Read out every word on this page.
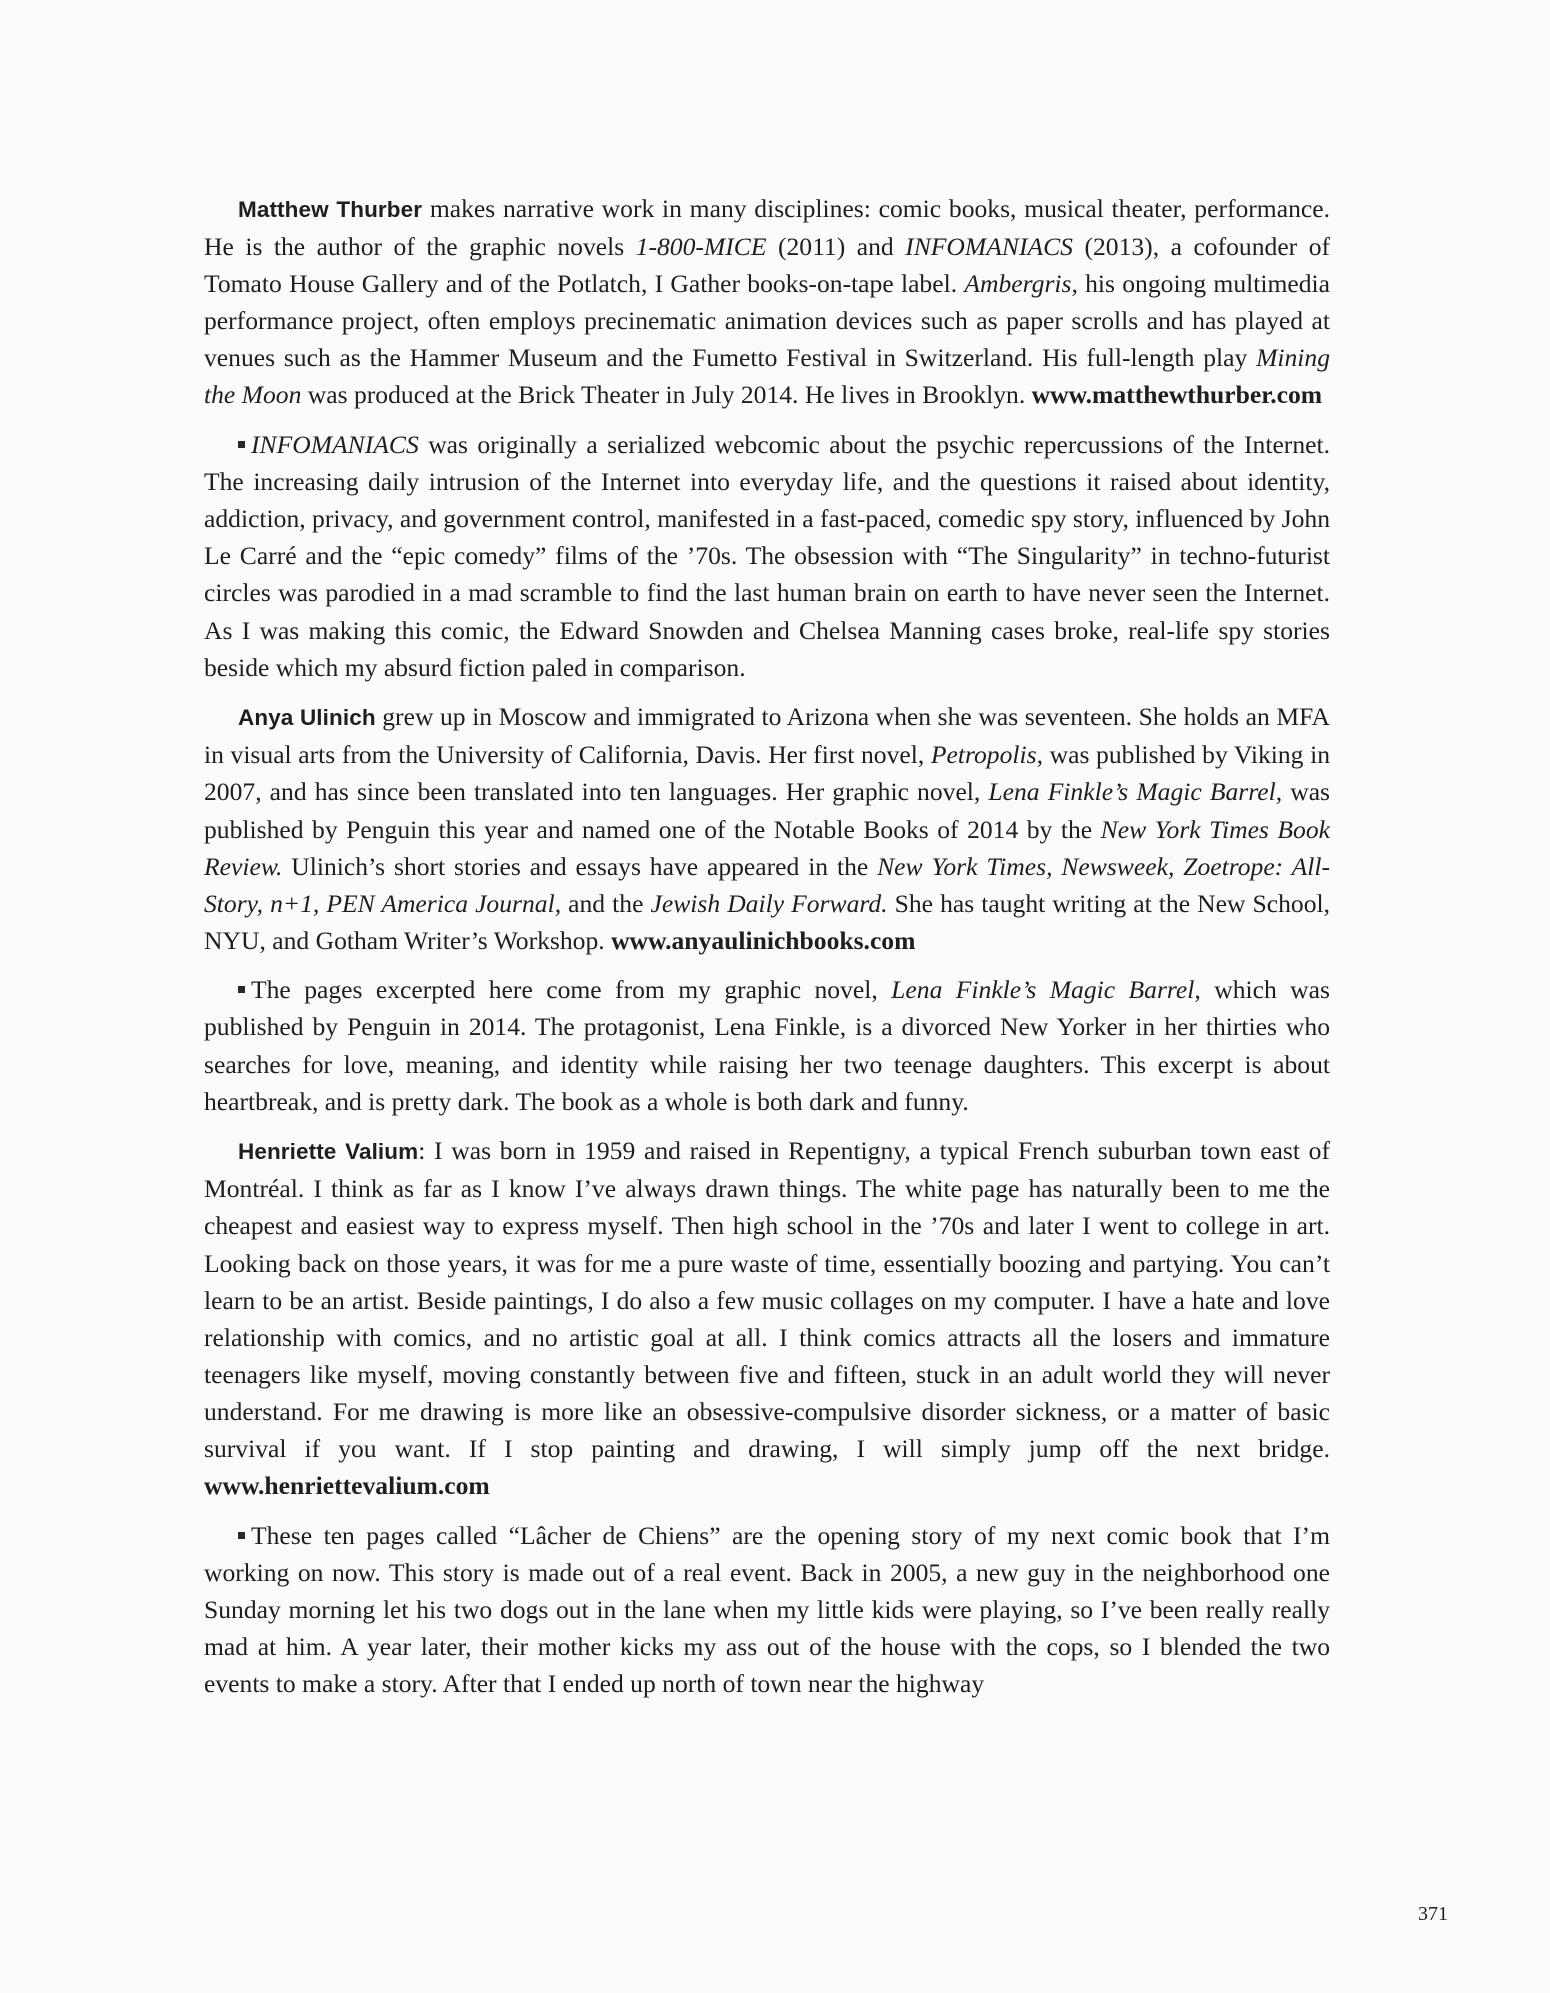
Matthew Thurber makes narrative work in many disciplines: comic books, musical theater, performance. He is the author of the graphic novels 1-800-MICE (2011) and INFOMANIACS (2013), a cofounder of Tomato House Gallery and of the Potlatch, I Gather books-on-tape label. Ambergris, his ongoing multimedia performance project, often employs precinematic animation devices such as paper scrolls and has played at venues such as the Hammer Museum and the Fumetto Festival in Switzerland. His full-length play Mining the Moon was produced at the Brick Theater in July 2014. He lives in Brooklyn. www.matthewthurber.com

INFOMANIACS was originally a serialized webcomic about the psychic repercussions of the Internet. The increasing daily intrusion of the Internet into everyday life, and the questions it raised about identity, addiction, privacy, and government control, manifested in a fast-paced, comedic spy story, influenced by John Le Carré and the “epic comedy” films of the ’70s. The obsession with “The Singularity” in techno-futurist circles was parodied in a mad scramble to find the last human brain on earth to have never seen the Internet. As I was making this comic, the Edward Snowden and Chelsea Manning cases broke, real-life spy stories beside which my absurd fiction paled in comparison.

Anya Ulinich grew up in Moscow and immigrated to Arizona when she was seventeen. She holds an MFA in visual arts from the University of California, Davis. Her first novel, Petropolis, was published by Viking in 2007, and has since been translated into ten languages. Her graphic novel, Lena Finkle’s Magic Barrel, was published by Penguin this year and named one of the Notable Books of 2014 by the New York Times Book Review. Ulinich’s short stories and essays have appeared in the New York Times, Newsweek, Zoetrope: All-Story, n+1, PEN America Journal, and the Jewish Daily Forward. She has taught writing at the New School, NYU, and Gotham Writer’s Workshop. www.anyaulinichbooks.com

The pages excerpted here come from my graphic novel, Lena Finkle’s Magic Barrel, which was published by Penguin in 2014. The protagonist, Lena Finkle, is a divorced New Yorker in her thirties who searches for love, meaning, and identity while raising her two teenage daughters. This excerpt is about heartbreak, and is pretty dark. The book as a whole is both dark and funny.

Henriette Valium: I was born in 1959 and raised in Repentigny, a typical French suburban town east of Montréal. I think as far as I know I’ve always drawn things. The white page has naturally been to me the cheapest and easiest way to express myself. Then high school in the ’70s and later I went to college in art. Looking back on those years, it was for me a pure waste of time, essentially boozing and partying. You can’t learn to be an artist. Beside paintings, I do also a few music collages on my computer. I have a hate and love relationship with comics, and no artistic goal at all. I think comics attracts all the losers and immature teenagers like myself, moving constantly between five and fifteen, stuck in an adult world they will never understand. For me drawing is more like an obsessive-compulsive disorder sickness, or a matter of basic survival if you want. If I stop painting and drawing, I will simply jump off the next bridge. www.henriettevalium.com

These ten pages called “Lâcher de Chiens” are the opening story of my next comic book that I’m working on now. This story is made out of a real event. Back in 2005, a new guy in the neighborhood one Sunday morning let his two dogs out in the lane when my little kids were playing, so I’ve been really really mad at him. A year later, their mother kicks my ass out of the house with the cops, so I blended the two events to make a story. After that I ended up north of town near the highway

371
